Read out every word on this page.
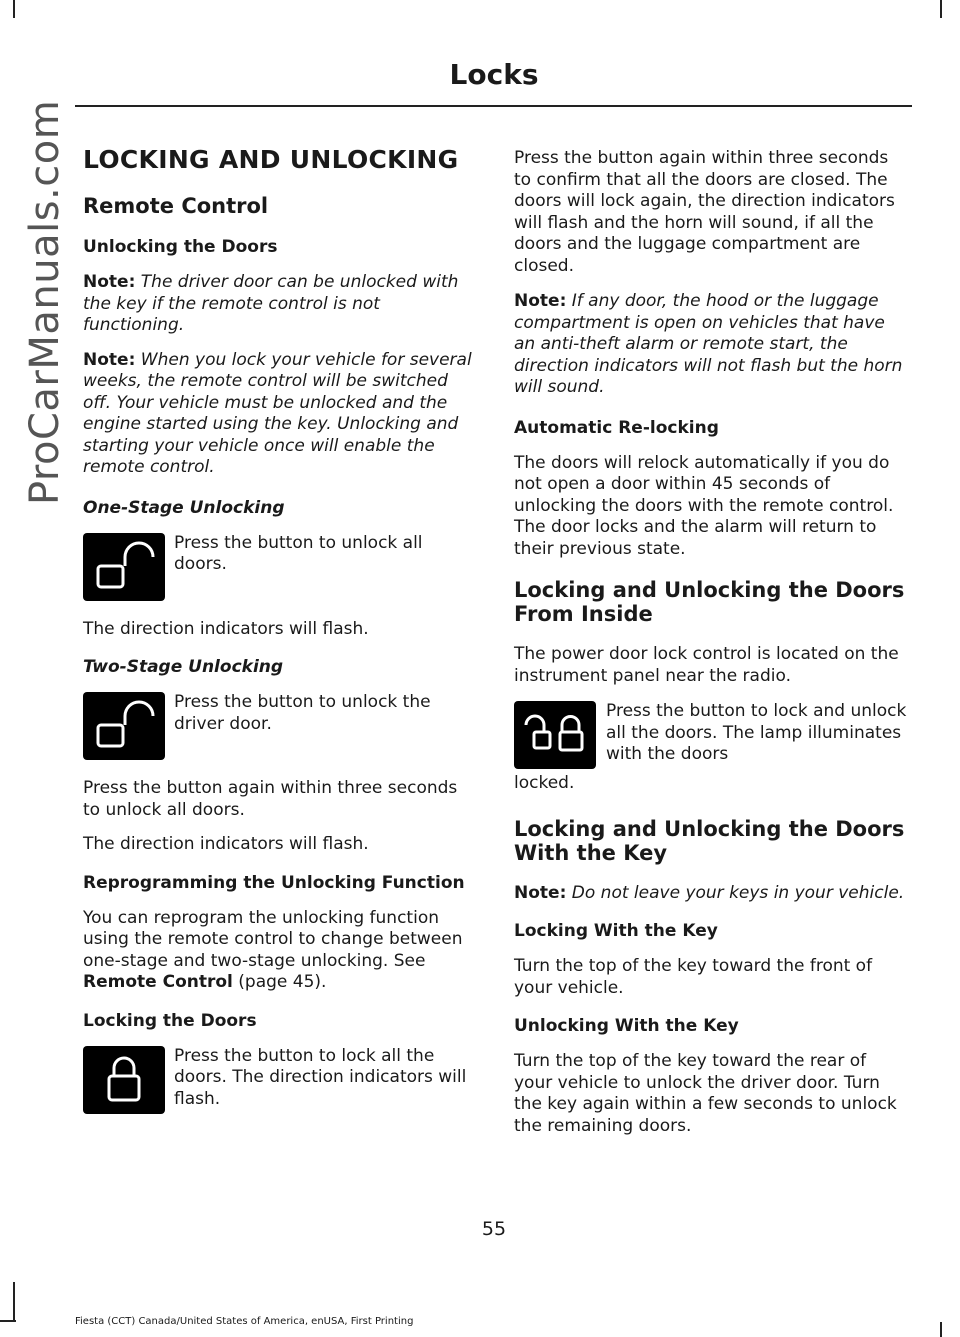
Locks
ProCarManuals.com LOCKING AND UNLOCKING
Remote Control
Unlocking the Doors

Note: The driver door can be unlocked with the key if the remote control is not functioning.

Note: When you lock your vehicle for several weeks, the remote control will be switched off. Your vehicle must be unlocked and the engine started using the key. Unlocking and starting your vehicle once will enable the remote control.

One-Stage Unlocking

Press the button to unlock all doors.

The direction indicators will flash.

Two-Stage Unlocking

Press the button to unlock the driver door.

Press the button again within three seconds to unlock all doors.

The direction indicators will flash.

Reprogramming the Unlocking Function

You can reprogram the unlocking function using the remote control to change between one-stage and two-stage unlocking. See Remote Control (page 45).

Locking the Doors

Press the button to lock all the doors. The direction indicators will flash.

Press the button again within three seconds to confirm that all the doors are closed. The doors will lock again, the direction indicators will flash and the horn will sound, if all the doors and the luggage compartment are closed.

Note: If any door, the hood or the luggage compartment is open on vehicles that have an anti-theft alarm or remote start, the direction indicators will not flash but the horn will sound.

Automatic Re-locking

The doors will relock automatically if you do not open a door within 45 seconds of unlocking the doors with the remote control. The door locks and the alarm will return to their previous state.

Locking and Unlocking the Doors From Inside

The power door lock control is located on the instrument panel near the radio.

Press the button to lock and unlock all the doors. The lamp illuminates with the doors

locked.

Locking and Unlocking the Doors With the Key

Note: Do not leave your keys in your vehicle.

Locking With the Key

Turn the top of the key toward the front of your vehicle.

Unlocking With the Key

Turn the top of the key toward the rear of your vehicle to unlock the driver door. Turn the key again within a few seconds to unlock the remaining doors.

55
Fiesta (CCT) Canada/United States of America, enUSA, First Printing
